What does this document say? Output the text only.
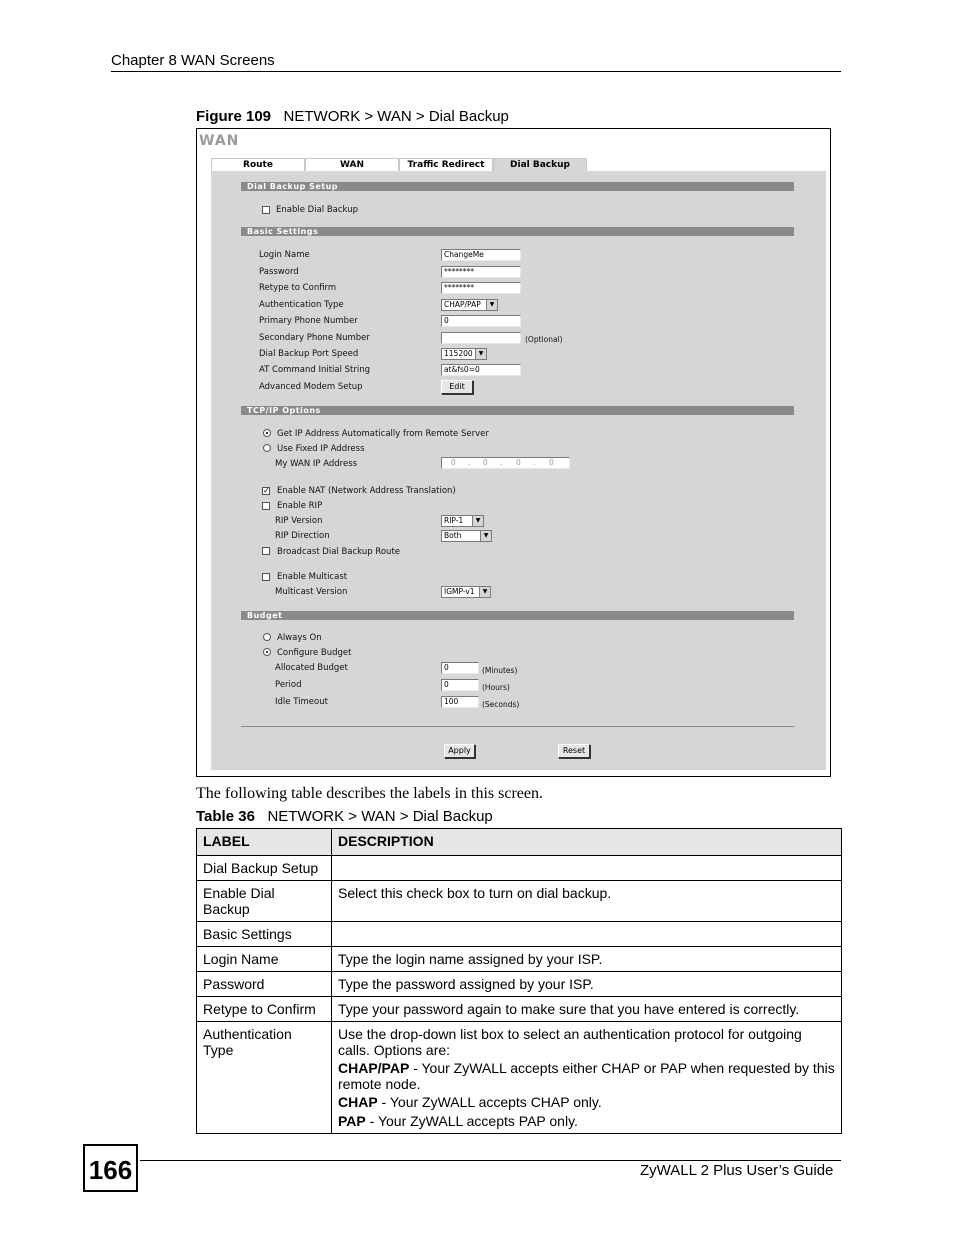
Chapter 8 WAN Screens
Figure 109 NETWORK > WAN > Dial Backup
WAN
Dial Backup Setup
Enable Dial Backup
Basic Settings
Login Name	ChangeMe
Password	********
Retype to Confirm	********
Authentication Type	CHAP/PAP	▼
Primary Phone Number	0
Secondary Phone Number	(Optional)
Dial Backup Port Speed	115200	▼
AT Command Initial String	at&fs0=0
Advanced Modem Setup	Edit
TCP/IP Options
Get IP Address Automatically from Remote Server
Use Fixed IP Address
My WAN IP Address	0 . 0 . 0 . 0
✓ Enable NAT (Network Address Translation)
Enable RIP
RIP Version	RIP-1	▼
RIP Direction	Both	▼
Broadcast Dial Backup Route
Enable Multicast
Multicast Version	IGMP-v1	▼
Budget
Always On
Configure Budget
Allocated Budget	0	(Minutes)
Period	0	(Hours)
Idle Timeout	100	(Seconds)
Apply	Reset
Route	WAN	Traffic Redirect	Dial Backup
The following table describes the labels in this screen.
Table 36 NETWORK > WAN > Dial Backup
LABEL	DESCRIPTION
Dial Backup Setup	
Enable Dial Backup	Select this check box to turn on dial backup.
Basic Settings	
Login Name	Type the login name assigned by your ISP.
Password	Type the password assigned by your ISP.
Retype to Confirm	Type your password again to make sure that you have entered is correctly.
Authentication Type	Use the drop-down list box to select an authentication protocol for outgoing calls. Options are:

CHAP/PAP - Your ZyWALL accepts either CHAP or PAP when requested by this remote node.

CHAP - Your ZyWALL accepts CHAP only.

PAP - Your ZyWALL accepts PAP only.

166	ZyWALL 2 Plus User’s Guide
